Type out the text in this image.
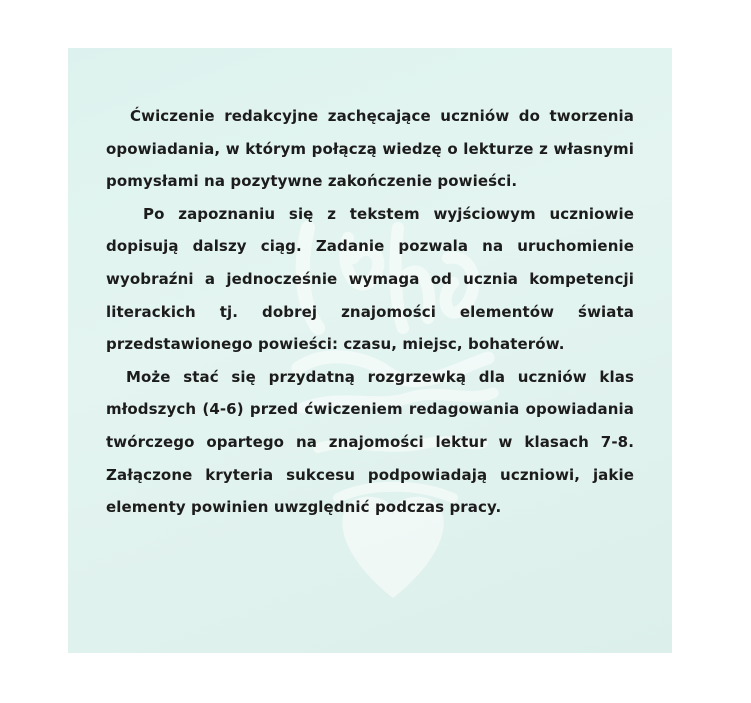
Ćwiczenie redakcyjne zachęcające uczniów do tworzenia opowiadania, w którym połączą wiedzę o lekturze z własnymi pomysłami na pozytywne zakończenie powieści.

Po zapoznaniu się z tekstem wyjściowym uczniowie dopisują dalszy ciąg. Zadanie pozwala na uruchomienie wyobraźni a jednocześnie wymaga od ucznia kompetencji literackich tj. dobrej znajomości elementów świata przedstawionego powieści: czasu, miejsc, bohaterów.

Może stać się przydatną rozgrzewką dla uczniów klas młodszych (4-6) przed ćwiczeniem redagowania opowiadania twórczego opartego na znajomości lektur w klasach 7-8. Załączone kryteria sukcesu podpowiadają uczniowi, jakie elementy powinien uwzględnić podczas pracy.
